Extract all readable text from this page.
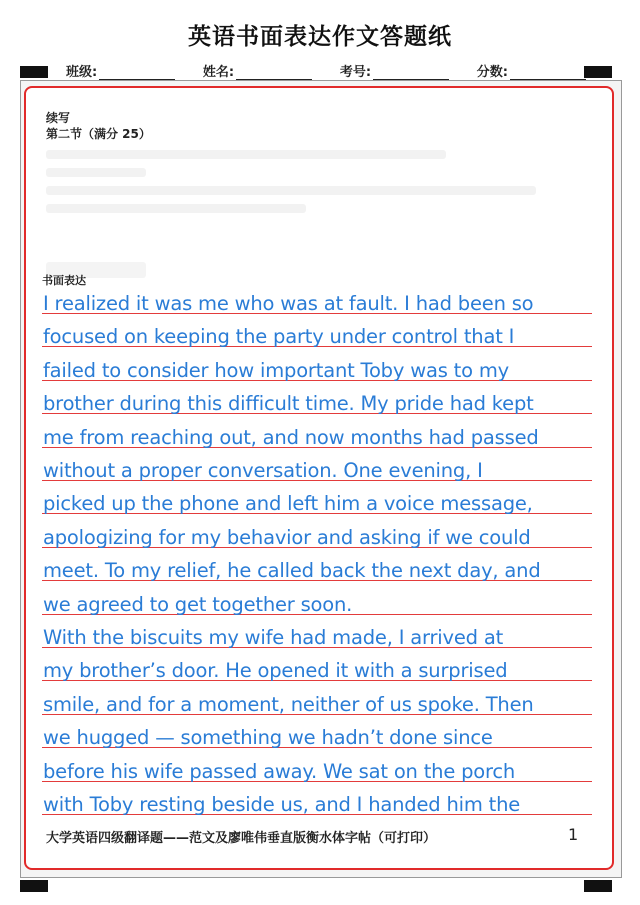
英语书面表达作文答题纸
班级:	姓名:	考号:	分数:
续写
第二节（满分 25）
书面表达
I realized it was me who was at fault. I had been so
focused on keeping the party under control that I
failed to consider how important Toby was to my
brother during this difficult time. My pride had kept
me from reaching out, and now months had passed
without a proper conversation. One evening, I
picked up the phone and left him a voice message,
apologizing for my behavior and asking if we could
meet. To my relief, he called back the next day, and
we agreed to get together soon.
With the biscuits my wife had made, I arrived at
my brother’s door. He opened it with a surprised
smile, and for a moment, neither of us spoke. Then
we hugged — something we hadn’t done since
before his wife passed away. We sat on the porch
with Toby resting beside us, and I handed him the
大学英语四级翻译题——范文及廖唯伟垂直版衡水体字帖（可打印）	1
